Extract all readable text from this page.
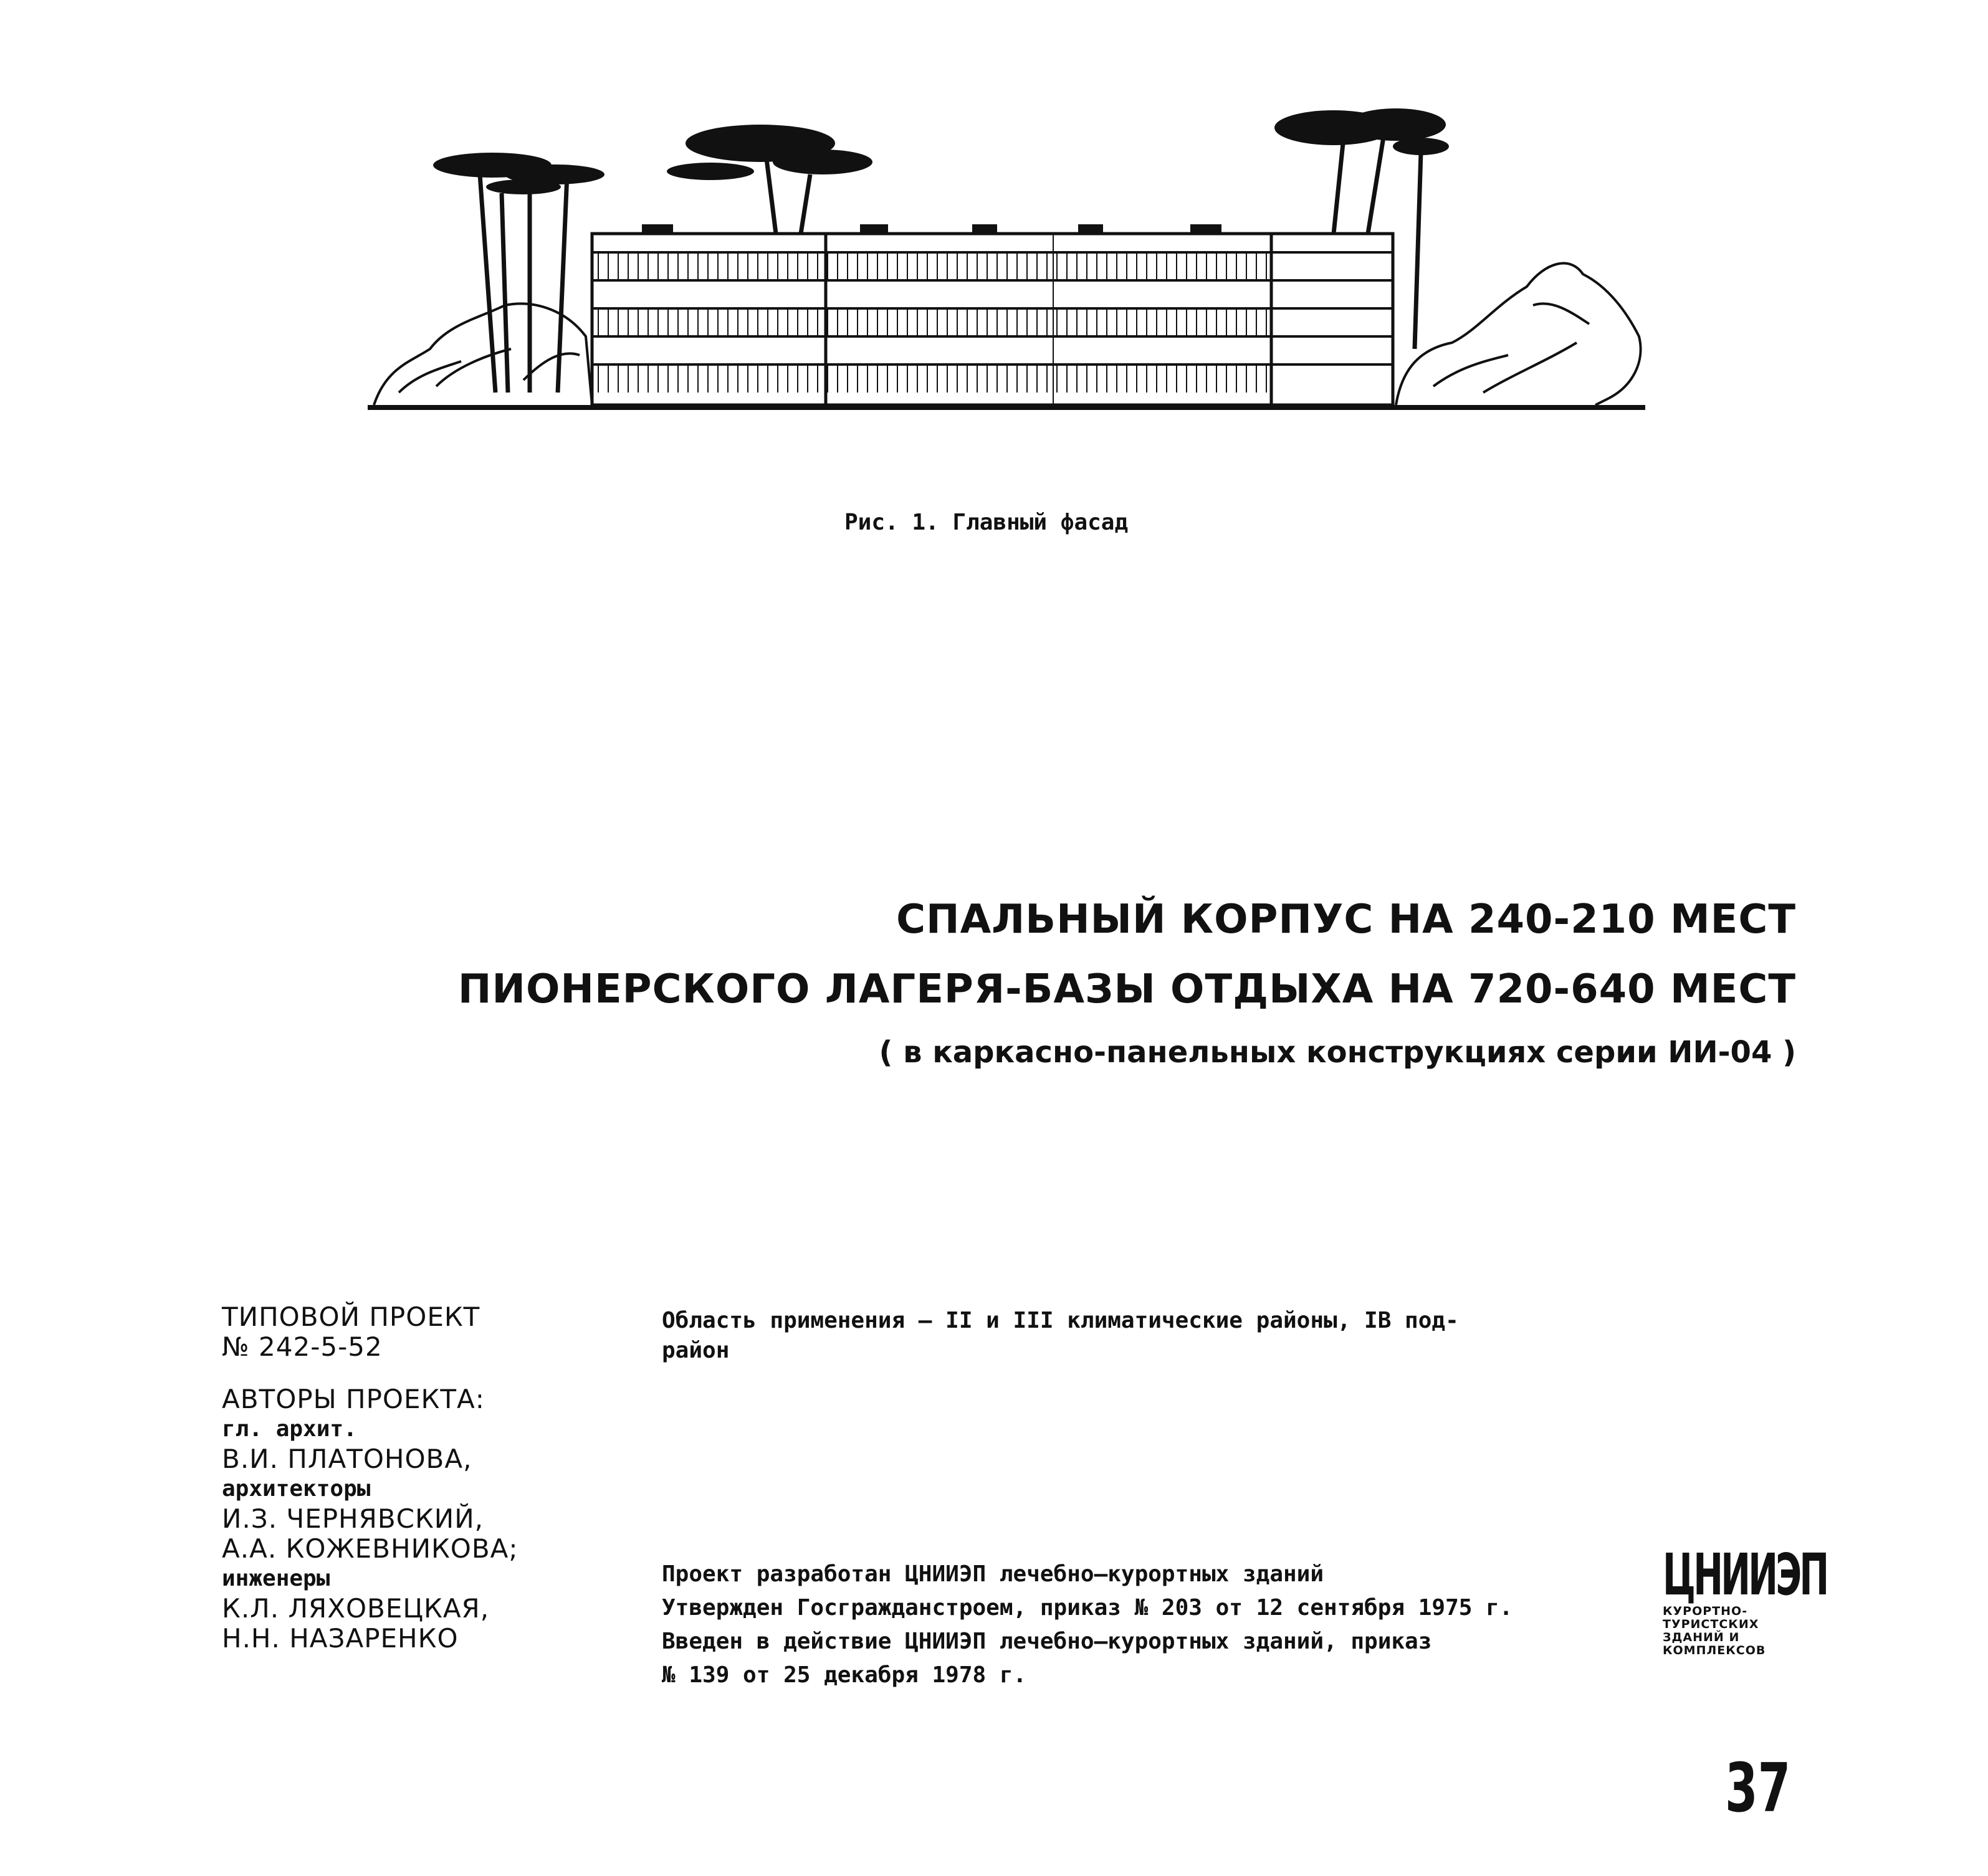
Рис. 1. Главный фасад
СПАЛЬНЫЙ КОРПУС НА 240-210 МЕСТ
ПИОНЕРСКОГО ЛАГЕРЯ-БАЗЫ ОТДЫХА НА 720-640 МЕСТ
( в каркасно-панельных конструкциях серии ИИ-04 )
ТИПОВОЙ ПРОЕКТ
№ 242-5-52
АВТОРЫ ПРОЕКТА:
гл. архит.
В.И. ПЛАТОНОВА,
архитекторы
И.З. ЧЕРНЯВСКИЙ,
А.А. КОЖЕВНИКОВА;
инженеры
К.Л. ЛЯХОВЕЦКАЯ,
Н.Н. НАЗАРЕНКО
Область применения – II и III климатические районы, IВ под-
район
Проект разработан ЦНИИЭП лечебно–курортных зданий
Утвержден Госгражданстроем, приказ № 203 от 12 сентября 1975 г.
Введен в действие ЦНИИЭП лечебно–курортных зданий, приказ
№ 139 от 25 декабря 1978 г.
ЦНИИЭП
КУРОРТНО-
ТУРИСТСКИХ
ЗДАНИЙ И
КОМПЛЕКСОВ
37
